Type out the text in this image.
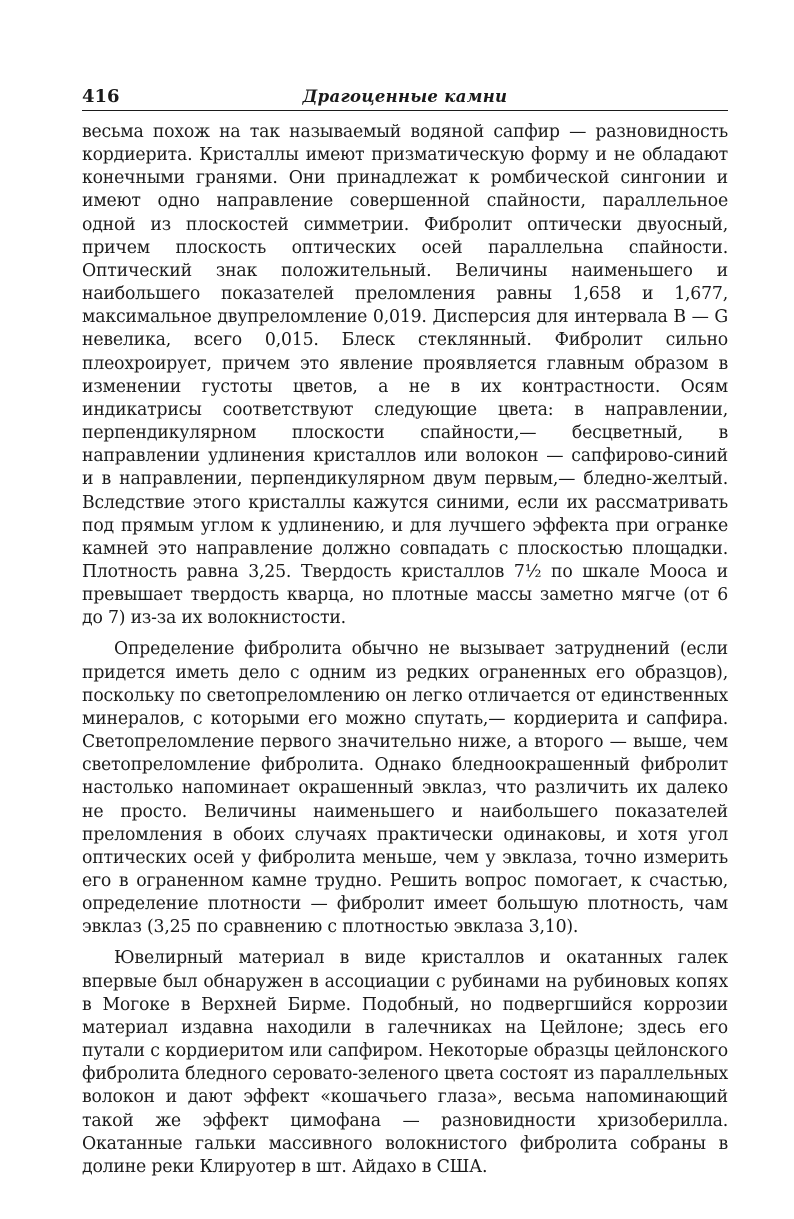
416	Драгоценные камни

весьма похож на так называемый водяной сапфир — разновидность кордиерита. Кристаллы имеют призматическую форму и не обладают конечными гранями. Они принадлежат к ромбической сингонии и имеют одно направление совершенной спайности, параллельное одной из плоскостей симметрии. Фибролит оптически двуосный, причем плоскость оптических осей параллельна спайности. Оптический знак положительный. Величины наименьшего и наибольшего показателей преломления равны 1,658 и 1,677, максимальное двупреломление 0,019. Дисперсия для интервала B — G невелика, всего 0,015. Блеск стеклянный. Фибролит сильно плеохроирует, причем это явление проявляется главным образом в изменении густоты цветов, а не в их контрастности. Осям индикатрисы соответствуют следующие цвета: в направлении, перпендикулярном плоскости спайности,— бесцветный, в направлении удлинения кристаллов или волокон — сапфирово-синий и в направлении, перпендикулярном двум первым,— бледно-желтый. Вследствие этого кристаллы кажутся синими, если их рассматривать под прямым углом к удлинению, и для лучшего эффекта при огранке камней это направление должно совпадать с плоскостью площадки. Плотность равна 3,25. Твердость кристаллов 7½ по шкале Мооса и превышает твердость кварца, но плотные массы заметно мягче (от 6 до 7) из-за их волокнистости.

Определение фибролита обычно не вызывает затруднений (если придется иметь дело с одним из редких ограненных его образцов), поскольку по светопреломлению он легко отличается от единственных минералов, с которыми его можно спутать,— кордиерита и сапфира. Светопреломление первого значительно ниже, а второго — выше, чем светопреломление фибролита. Однако бледноокрашенный фибролит настолько напоминает окрашенный эвклаз, что различить их далеко не просто. Величины наименьшего и наибольшего показателей преломления в обоих случаях практически одинаковы, и хотя угол оптических осей у фибролита меньше, чем у эвклаза, точно измерить его в ограненном камне трудно. Решить вопрос помогает, к счастью, определение плотности — фибролит имеет большую плотность, чам эвклаз (3,25 по сравнению с плотностью эвклаза 3,10).

Ювелирный материал в виде кристаллов и окатанных галек впервые был обнаружен в ассоциации с рубинами на рубиновых копях в Могоке в Верхней Бирме. Подобный, но подвергшийся коррозии материал издавна находили в галечниках на Цейлоне; здесь его путали с кордиеритом или сапфиром. Некоторые образцы цейлонского фибролита бледного серовато-зеленого цвета состоят из параллельных волокон и дают эффект «кошачьего глаза», весьма напоминающий такой же эффект цимофана — разновидности хризоберилла. Окатанные гальки массивного волокнистого фибролита собраны в долине реки Клируотер в шт. Айдахо в США.
